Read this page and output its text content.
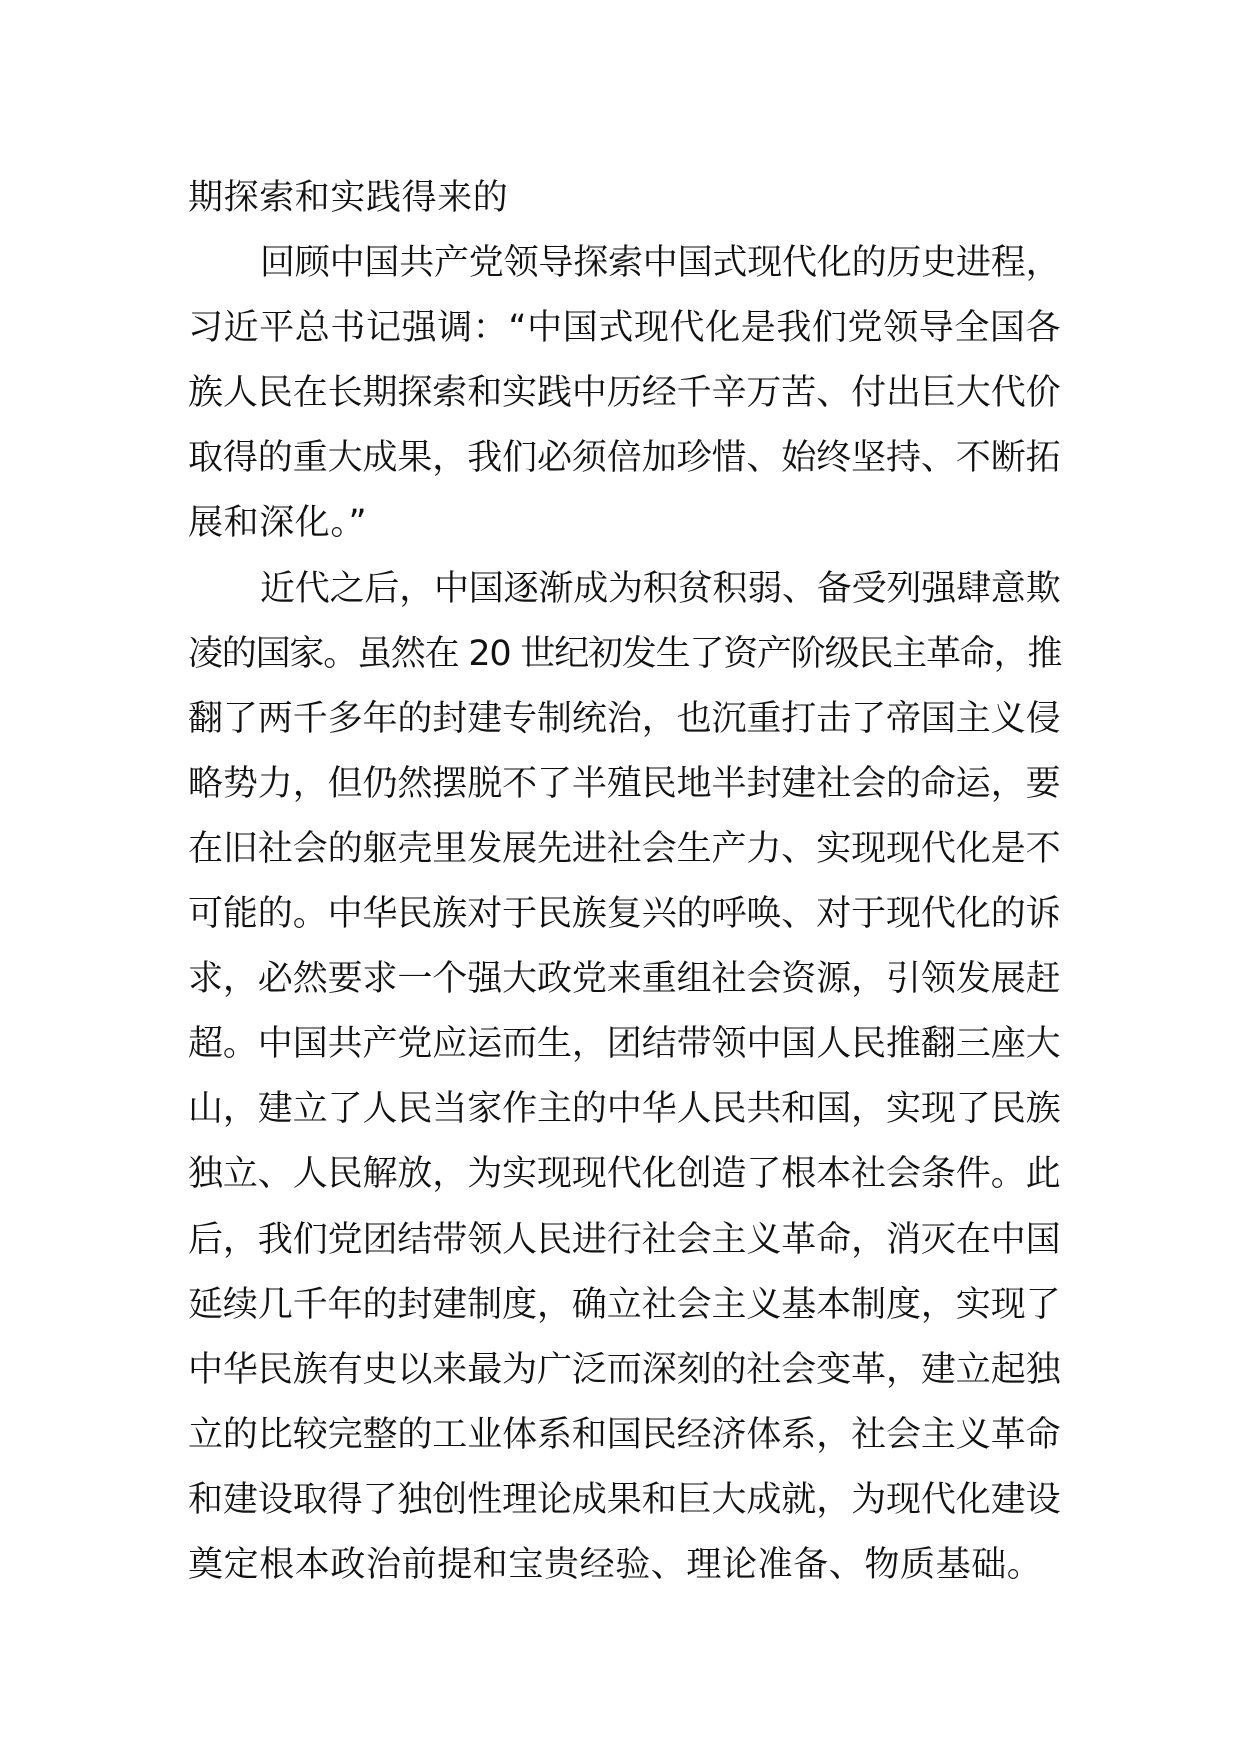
期探索和实践得来的
回顾中国共产党领导探索中国式现代化的历史进程，
习近平总书记强调：“中国式现代化是我们党领导全国各
族人民在长期探索和实践中历经千辛万苦、付出巨大代价
取得的重大成果，我们必须倍加珍惜、始终坚持、不断拓
展和深化。”
近代之后，中国逐渐成为积贫积弱、备受列强肆意欺
凌的国家。虽然在 20 世纪初发生了资产阶级民主革命，推
翻了两千多年的封建专制统治，也沉重打击了帝国主义侵
略势力，但仍然摆脱不了半殖民地半封建社会的命运，要
在旧社会的躯壳里发展先进社会生产力、实现现代化是不
可能的。中华民族对于民族复兴的呼唤、对于现代化的诉
求，必然要求一个强大政党来重组社会资源，引领发展赶
超。中国共产党应运而生，团结带领中国人民推翻三座大
山，建立了人民当家作主的中华人民共和国，实现了民族
独立、人民解放，为实现现代化创造了根本社会条件。此
后，我们党团结带领人民进行社会主义革命，消灭在中国
延续几千年的封建制度，确立社会主义基本制度，实现了
中华民族有史以来最为广泛而深刻的社会变革，建立起独
立的比较完整的工业体系和国民经济体系，社会主义革命
和建设取得了独创性理论成果和巨大成就，为现代化建设
奠定根本政治前提和宝贵经验、理论准备、物质基础。
